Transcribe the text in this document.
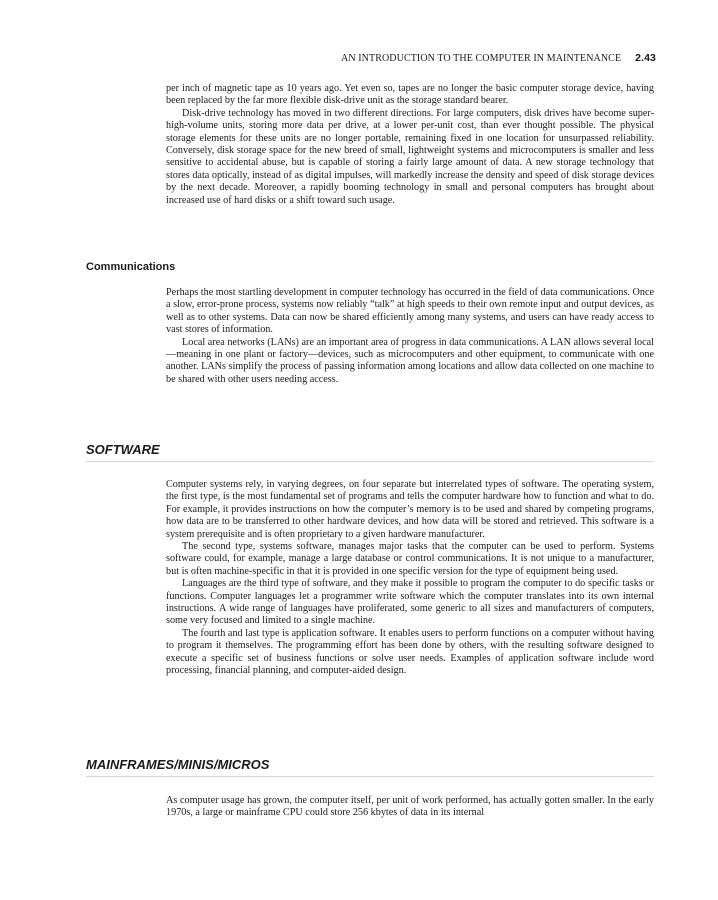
AN INTRODUCTION TO THE COMPUTER IN MAINTENANCE 2.43

per inch of magnetic tape as 10 years ago. Yet even so, tapes are no longer the basic computer storage device, having been replaced by the far more flexible disk-drive unit as the storage standard bearer.

Disk-drive technology has moved in two different directions. For large computers, disk drives have become super-high-volume units, storing more data per drive, at a lower per-unit cost, than ever thought possible. The physical storage elements for these units are no longer portable, remaining fixed in one location for unsurpassed reliability. Conversely, disk storage space for the new breed of small, lightweight systems and microcomputers is smaller and less sensitive to accidental abuse, but is capable of storing a fairly large amount of data. A new storage technology that stores data optically, instead of as digital impulses, will markedly increase the density and speed of disk storage devices by the next decade. Moreover, a rapidly booming technology in small and personal computers has brought about increased use of hard disks or a shift toward such usage.

Communications

Perhaps the most startling development in computer technology has occurred in the field of data communications. Once a slow, error-prone process, systems now reliably “talk” at high speeds to their own remote input and output devices, as well as to other systems. Data can now be shared efficiently among many systems, and users can have ready access to vast stores of information.

Local area networks (LANs) are an important area of progress in data communications. A LAN allows several local—meaning in one plant or factory—devices, such as microcomputers and other equipment, to communicate with one another. LANs simplify the process of passing information among locations and allow data collected on one machine to be shared with other users needing access.

SOFTWARE

Computer systems rely, in varying degrees, on four separate but interrelated types of software. The operating system, the first type, is the most fundamental set of programs and tells the computer hardware how to function and what to do. For example, it provides instructions on how the computer’s memory is to be used and shared by competing programs, how data are to be transferred to other hardware devices, and how data will be stored and retrieved. This software is a system prerequisite and is often proprietary to a given hardware manufacturer.

The second type, systems software, manages major tasks that the computer can be used to perform. Systems software could, for example, manage a large database or control communications. It is not unique to a manufacturer, but is often machine-specific in that it is provided in one specific version for the type of equipment being used.

Languages are the third type of software, and they make it possible to program the computer to do specific tasks or functions. Computer languages let a programmer write software which the computer translates into its own internal instructions. A wide range of languages have proliferated, some generic to all sizes and manufacturers of computers, some very focused and limited to a single machine.

The fourth and last type is application software. It enables users to perform functions on a computer without having to program it themselves. The programming effort has been done by others, with the resulting software designed to execute a specific set of business functions or solve user needs. Examples of application software include word processing, financial planning, and computer-aided design.

MAINFRAMES/MINIS/MICROS

As computer usage has grown, the computer itself, per unit of work performed, has actually gotten smaller. In the early 1970s, a large or mainframe CPU could store 256 kbytes of data in its internal
